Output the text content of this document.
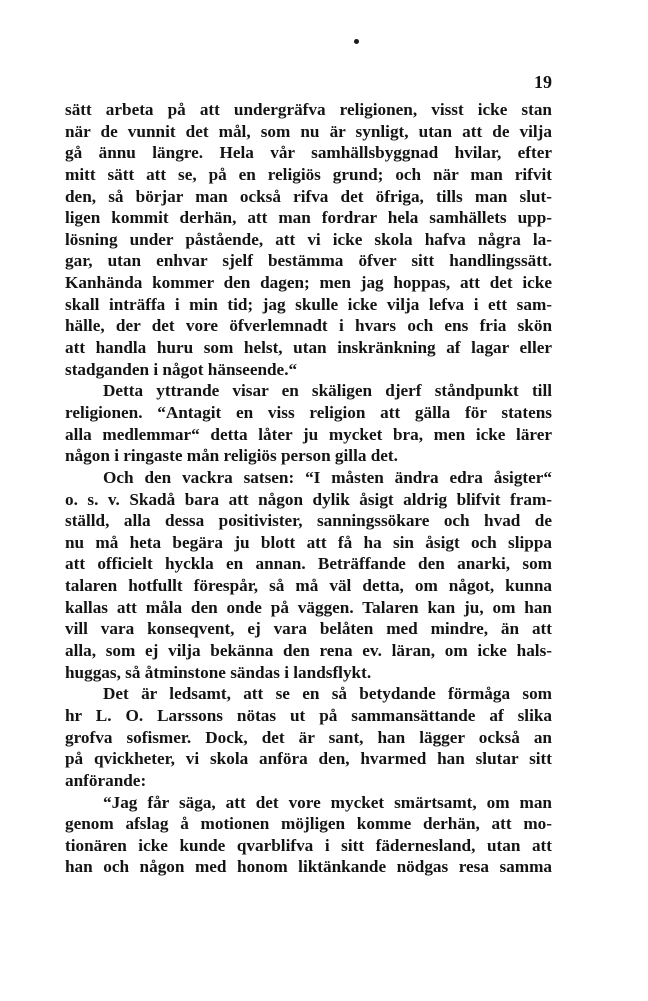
19
sätt arbeta på att undergräfva religionen, visst icke stan
när de vunnit det mål, som nu är synligt, utan att de vilja
gå ännu längre. Hela vår samhällsbyggnad hvilar, efter
mitt sätt att se, på en religiös grund; och när man rifvit
den, så börjar man också rifva det öfriga, tills man slut-
ligen kommit derhän, att man fordrar hela samhällets upp-
lösning under påstående, att vi icke skola hafva några la-
gar, utan enhvar sjelf bestämma öfver sitt handlingssätt.
Kanhända kommer den dagen; men jag hoppas, att det icke
skall inträffa i min tid; jag skulle icke vilja lefva i ett sam-
hälle, der det vore öfverlemnadt i hvars och ens fria skön
att handla huru som helst, utan inskränkning af lagar eller
stadganden i något hänseende.“
Detta yttrande visar en skäligen djerf ståndpunkt till
religionen. “Antagit en viss religion att gälla för statens
alla medlemmar“ detta låter ju mycket bra, men icke lärer
någon i ringaste mån religiös person gilla det.
Och den vackra satsen: “I måsten ändra edra åsigter“
o. s. v. Skadå bara att någon dylik åsigt aldrig blifvit fram-
ställd, alla dessa positivister, sanningssökare och hvad de
nu må heta begära ju blott att få ha sin åsigt och slippa
att officielt hyckla en annan. Beträffande den anarki, som
talaren hotfullt förespår, så må väl detta, om något, kunna
kallas att måla den onde på väggen. Talaren kan ju, om han
vill vara konseqvent, ej vara belåten med mindre, än att
alla, som ej vilja bekänna den rena ev. läran, om icke hals-
huggas, så åtminstone sändas i landsflykt.
Det är ledsamt, att se en så betydande förmåga som
hr L. O. Larssons nötas ut på sammansättande af slika
grofva sofismer. Dock, det är sant, han lägger också an
på qvickheter, vi skola anföra den, hvarmed han slutar sitt
anförande:
“Jag får säga, att det vore mycket smärtsamt, om man
genom afslag å motionen möjligen komme derhän, att mo-
tionären icke kunde qvarblifva i sitt fädernesland, utan att
han och någon med honom liktänkande nödgas resa samma
